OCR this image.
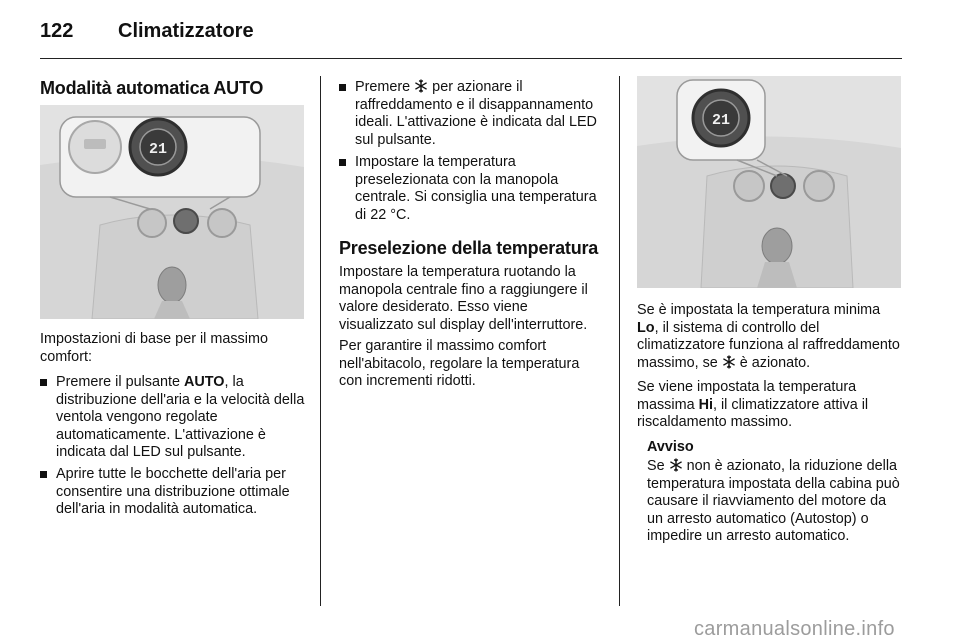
122 Climatizzatore
Modalità automatica AUTO
21
Impostazioni di base per il massimo comfort:
Premere il pulsante AUTO, la distribuzione dell'aria e la velocità della ventola vengono regolate automaticamente. L'attivazione è indicata dal LED sul pulsante.
Aprire tutte le bocchette dell'aria per consentire una distribuzione ottimale dell'aria in modalità automatica.
Premere  per azionare il raffreddamento e il disappannamento ideali. L'attivazione è indicata dal LED sul pulsante.
Impostare la temperatura preselezionata con la manopola centrale. Si consiglia una temperatura di 22 °C.
Preselezione della temperatura
Impostare la temperatura ruotando la manopola centrale fino a raggiungere il valore desiderato. Esso viene visualizzato sul display dell'interruttore.
Per garantire il massimo comfort nell'abitacolo, regolare la temperatura con incrementi ridotti.
21
Se è impostata la temperatura minima Lo, il sistema di controllo del climatizzatore funziona al raffreddamento massimo, se  è azionato.
Se viene impostata la temperatura massima Hi, il climatizzatore attiva il riscaldamento massimo.
Avviso
Se  non è azionato, la riduzione della temperatura impostata della cabina può causare il riavviamento del motore da un arresto automatico (Autostop) o impedire un arresto automatico.
carmanualsonline.info
